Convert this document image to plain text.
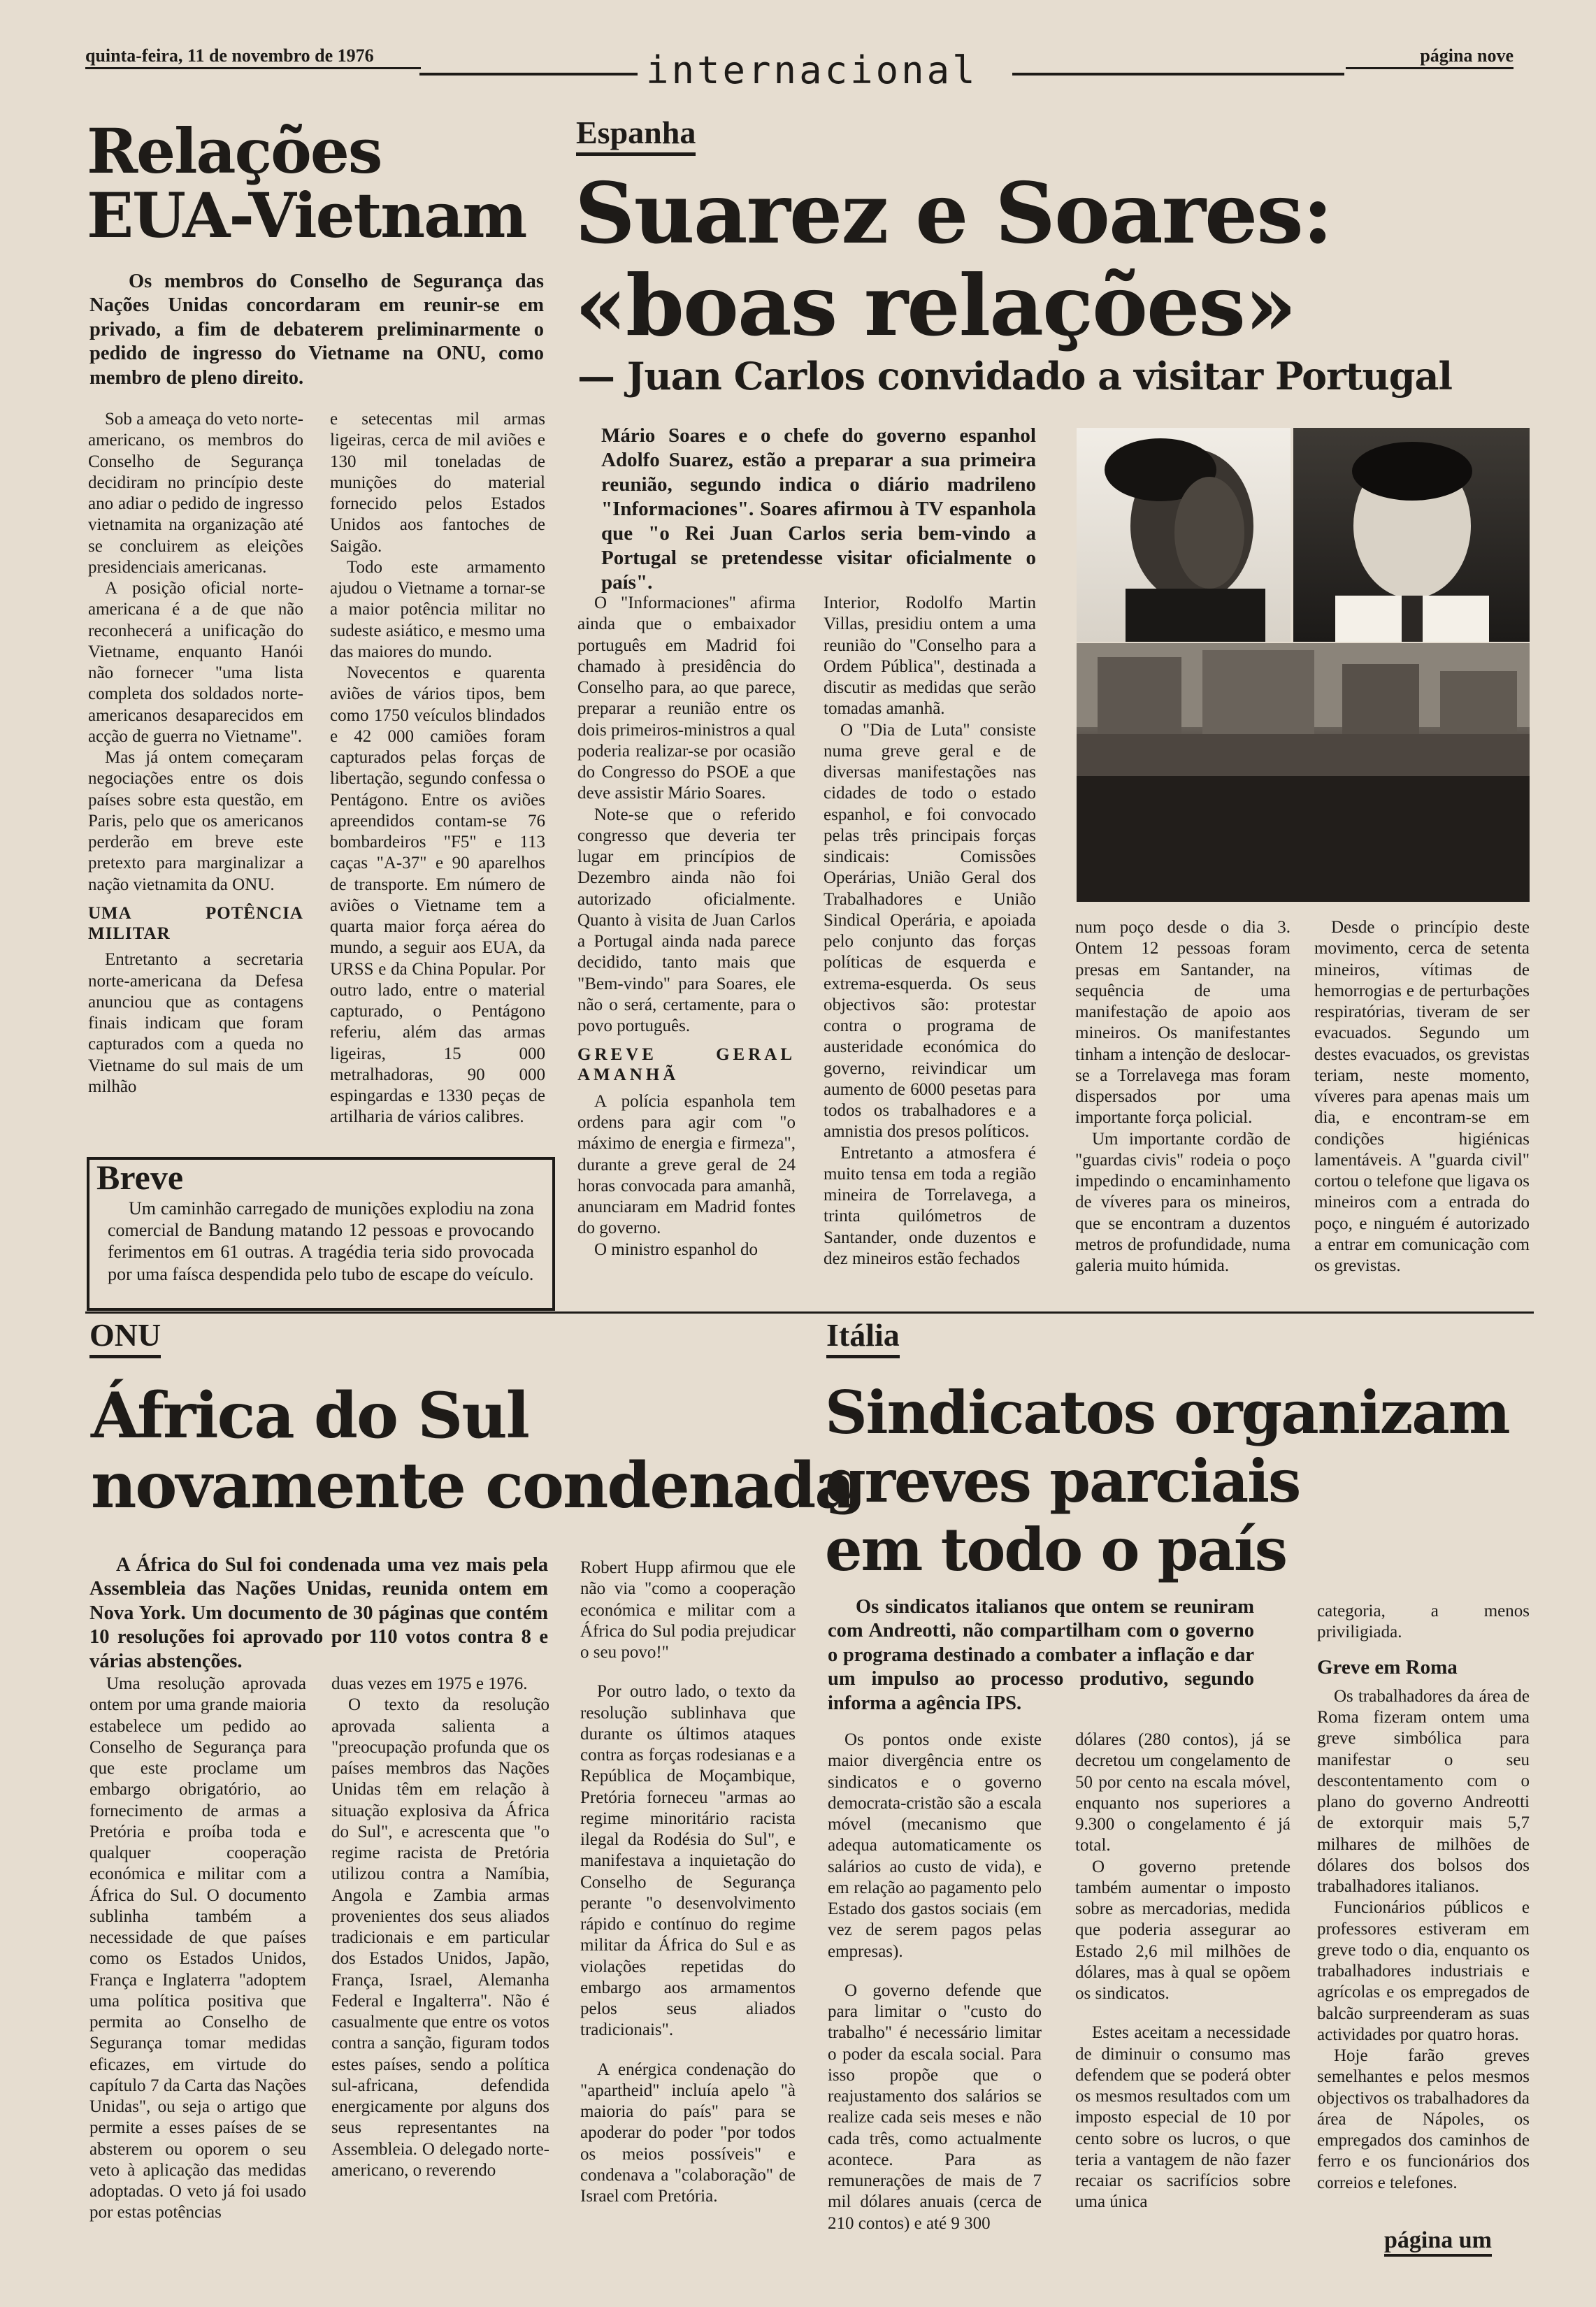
quinta-feira, 11 de novembro de 1976	internacional	página nove
Relações
EUA-Vietnam
Os membros do Conselho de Segurança das Nações Unidas concordaram em reunir-se em privado, a fim de debaterem preliminarmente o pedido de ingresso do Vietname na ONU, como membro de pleno direito.

Sob a ameaça do veto norte-americano, os membros do Conselho de Segurança decidiram no princípio deste ano adiar o pedido de ingresso vietnamita na organização até se concluirem as eleições presidenciais americanas.

A posição oficial norte-americana é a de que não reconhecerá a unificação do Vietname, enquanto Hanói não fornecer "uma lista completa dos soldados norte-americanos desaparecidos em acção de guerra no Vietname".

Mas já ontem começaram negociações entre os dois países sobre esta questão, em Paris, pelo que os americanos perderão em breve este pretexto para marginalizar a nação vietnamita da ONU.

UMA POTÊNCIA MILITAR

Entretanto a secretaria norte-americana da Defesa anunciou que as contagens finais indicam que foram capturados com a queda no Vietname do sul mais de um milhão

e setecentas mil armas ligeiras, cerca de mil aviões e 130 mil toneladas de munições do material fornecido pelos Estados Unidos aos fantoches de Saigão.

Todo este armamento ajudou o Vietname a tornar-se a maior potência militar no sudeste asiático, e mesmo uma das maiores do mundo.

Novecentos e quarenta aviões de vários tipos, bem como 1750 veículos blindados e 42 000 camiões foram capturados pelas forças de libertação, segundo confessa o Pentágono. Entre os aviões apreendidos contam-se 76 bombardeiros "F5" e 113 caças "A-37" e 90 aparelhos de transporte. Em número de aviões o Vietname tem a quarta maior força aérea do mundo, a seguir aos EUA, da URSS e da China Popular. Por outro lado, entre o material capturado, o Pentágono referiu, além das armas ligeiras, 15 000 metralhadoras, 90 000 espingardas e 1330 peças de artilharia de vários calibres.

Breve
Um caminhão carregado de munições explodiu na zona comercial de Bandung matando 12 pessoas e provocando ferimentos em 61 outras. A tragédia teria sido provocada por uma faísca despendida pelo tubo de escape do veículo.
Espanha
Suarez e Soares:
«boas relações»
— Juan Carlos convidado a visitar Portugal
Mário Soares e o chefe do governo espanhol Adolfo Suarez, estão a preparar a sua primeira reunião, segundo indica o diário madrileno "Informaciones". Soares afirmou à TV espanhola que "o Rei Juan Carlos seria bem-vindo a Portugal se pretendesse visitar oficialmente o país".

O "Informaciones" afirma ainda que o embaixador português em Madrid foi chamado à presidência do Conselho para, ao que parece, preparar a reunião entre os dois primeiros-ministros a qual poderia realizar-se por ocasião do Congresso do PSOE a que deve assistir Mário Soares.

Note-se que o referido congresso que deveria ter lugar em princípios de Dezembro ainda não foi autorizado oficialmente. Quanto à visita de Juan Carlos a Portugal ainda nada parece decidido, tanto mais que "Bem-vindo" para Soares, ele não o será, certamente, para o povo português.

GREVE GERAL AMANHÃ

A polícia espanhola tem ordens para agir com "o máximo de energia e firmeza", durante a greve geral de 24 horas convocada para amanhã, anunciaram em Madrid fontes do governo.

O ministro espanhol do

Interior, Rodolfo Martin Villas, presidiu ontem a uma reunião do "Conselho para a Ordem Pública", destinada a discutir as medidas que serão tomadas amanhã.

O "Dia de Luta" consiste numa greve geral e de diversas manifestações nas cidades de todo o estado espanhol, e foi convocado pelas três principais forças sindicais: Comissões Operárias, União Geral dos Trabalhadores e União Sindical Operária, e apoiada pelo conjunto das forças políticas de esquerda e extrema-esquerda. Os seus objectivos são: protestar contra o programa de austeridade económica do governo, reivindicar um aumento de 6000 pesetas para todos os trabalhadores e a amnistia dos presos políticos.

Entretanto a atmosfera é muito tensa em toda a região mineira de Torrelavega, a trinta quilómetros de Santander, onde duzentos e dez mineiros estão fechados

num poço desde o dia 3. Ontem 12 pessoas foram presas em Santander, na sequência de uma manifestação de apoio aos mineiros. Os manifestantes tinham a intenção de deslocar-se a Torrelavega mas foram dispersados por uma importante força policial.

Um importante cordão de "guardas civis" rodeia o poço impedindo o encaminhamento de víveres para os mineiros, que se encontram a duzentos metros de profundidade, numa galeria muito húmida.

Desde o princípio deste movimento, cerca de setenta mineiros, vítimas de hemorrogias e de perturbações respiratórias, tiveram de ser evacuados. Segundo um destes evacuados, os grevistas teriam, neste momento, víveres para apenas mais um dia, e encontram-se em condições higiénicas lamentáveis. A "guarda civil" cortou o telefone que ligava os mineiros com a entrada do poço, e ninguém é autorizado a entrar em comunicação com os grevistas.

ONU
África do Sul
novamente condenada
A África do Sul foi condenada uma vez mais pela Assembleia das Nações Unidas, reunida ontem em Nova York. Um documento de 30 páginas que contém 10 resoluções foi aprovado por 110 votos contra 8 e várias abstenções.

Uma resolução aprovada ontem por uma grande maioria estabelece um pedido ao Conselho de Segurança para que este proclame um embargo obrigatório, ao fornecimento de armas a Pretória e proíba toda e qualquer cooperação económica e militar com a África do Sul. O documento sublinha também a necessidade de que países como os Estados Unidos, França e Inglaterra "adoptem uma política positiva que permita ao Conselho de Segurança tomar medidas eficazes, em virtude do capítulo 7 da Carta das Nações Unidas", ou seja o artigo que permite a esses países de se absterem ou oporem o seu veto à aplicação das medidas adoptadas. O veto já foi usado por estas potências

duas vezes em 1975 e 1976.

O texto da resolução aprovada salienta a "preocupação profunda que os países membros das Nações Unidas têm em relação à situação explosiva da África do Sul", e acrescenta que "o regime racista de Pretória utilizou contra a Namíbia, Angola e Zambia armas provenientes dos seus aliados tradicionais e em particular dos Estados Unidos, Japão, França, Israel, Alemanha Federal e Ingalterra". Não é casualmente que entre os votos contra a sanção, figuram todos estes países, sendo a política sul-africana, defendida energicamente por alguns dos seus representantes na Assembleia. O delegado norte-americano, o reverendo

Robert Hupp afirmou que ele não via "como a cooperação económica e militar com a África do Sul podia prejudicar o seu povo!"

Por outro lado, o texto da resolução sublinhava que durante os últimos ataques contra as forças rodesianas e a República de Moçambique, Pretória forneceu "armas ao regime minoritário racista ilegal da Rodésia do Sul", e manifestava a inquietação do Conselho de Segurança perante "o desenvolvimento rápido e contínuo do regime militar da África do Sul e as violações repetidas do embargo aos armamentos pelos seus aliados tradicionais".

A enérgica condenação do "apartheid" incluía apelo "à maioria do país" para se apoderar do poder "por todos os meios possíveis" e condenava a "colaboração" de Israel com Pretória.

Itália
Sindicatos organizam
greves parciais
em todo o país
Os sindicatos italianos que ontem se reuniram com Andreotti, não compartilham com o governo o programa destinado a combater a inflação e dar um impulso ao processo produtivo, segundo informa a agência IPS.

Os pontos onde existe maior divergência entre os sindicatos e o governo democrata-cristão são a escala móvel (mecanismo que adequa automaticamente os salários ao custo de vida), e em relação ao pagamento pelo Estado dos gastos sociais (em vez de serem pagos pelas empresas).

O governo defende que para limitar o "custo do trabalho" é necessário limitar o poder da escala social. Para isso propõe que o reajustamento dos salários se realize cada seis meses e não cada três, como actualmente acontece. Para as remunerações de mais de 7 mil dólares anuais (cerca de 210 contos) e até 9 300

dólares (280 contos), já se decretou um congelamento de 50 por cento na escala móvel, enquanto nos superiores a 9.300 o congelamento é já total.

O governo pretende também aumentar o imposto sobre as mercadorias, medida que poderia assegurar ao Estado 2,6 mil milhões de dólares, mas à qual se opõem os sindicatos.

Estes aceitam a necessidade de diminuir o consumo mas defendem que se poderá obter os mesmos resultados com um imposto especial de 10 por cento sobre os lucros, o que teria a vantagem de não fazer recaiar os sacrifícios sobre uma única

categoria, a menos priviligiada.

Greve em Roma

Os trabalhadores da área de Roma fizeram ontem uma greve simbólica para manifestar o seu descontentamento com o plano do governo Andreotti de extorquir mais 5,7 milhares de milhões de dólares dos bolsos dos trabalhadores italianos.

Funcionários públicos e professores estiveram em greve todo o dia, enquanto os trabalhadores industriais e agrícolas e os empregados de balcão surpreenderam as suas actividades por quatro horas.

Hoje farão greves semelhantes e pelos mesmos objectivos os trabalhadores da área de Nápoles, os empregados dos caminhos de ferro e os funcionários dos correios e telefones.

página um
